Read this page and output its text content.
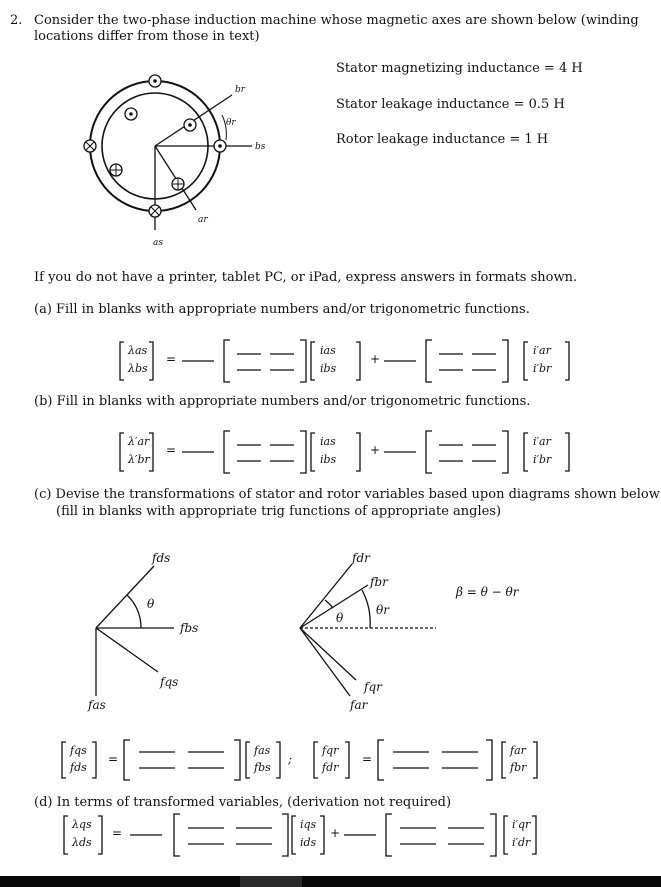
2. Consider the two-phase induction machine whose magnetic axes are shown below (winding
locations differ from those in text)
Stator magnetizing inductance = 4 H
Stator leakage inductance = 0.5 H
Rotor leakage inductance = 1 H
br
bs
ar
as
θr
If you do not have a printer, tablet PC, or iPad, express answers in formats shown.
(a) Fill in blanks with appropriate numbers and/or trigonometric functions.
λas
λbs
=
ias
ibs
+
i′ar
i′br
(b) Fill in blanks with appropriate numbers and/or trigonometric functions.
λ′ar
λ′br
=
ias
ibs
+
i′ar
i′br
(c) Devise the transformations of stator and rotor variables based upon diagrams shown below
(fill in blanks with appropriate trig functions of appropriate angles)
fds
fbs
fqs
fas
θ
fdr
fbr
fqr
far
θ
θr
β = θ − θr
fqs
fds
=
fas
fbs
;
fqr
fdr
=
far
fbr
(d) In terms of transformed variables, (derivation not required)
λqs
λds
=
iqs
ids
+
i′qr
i′dr
